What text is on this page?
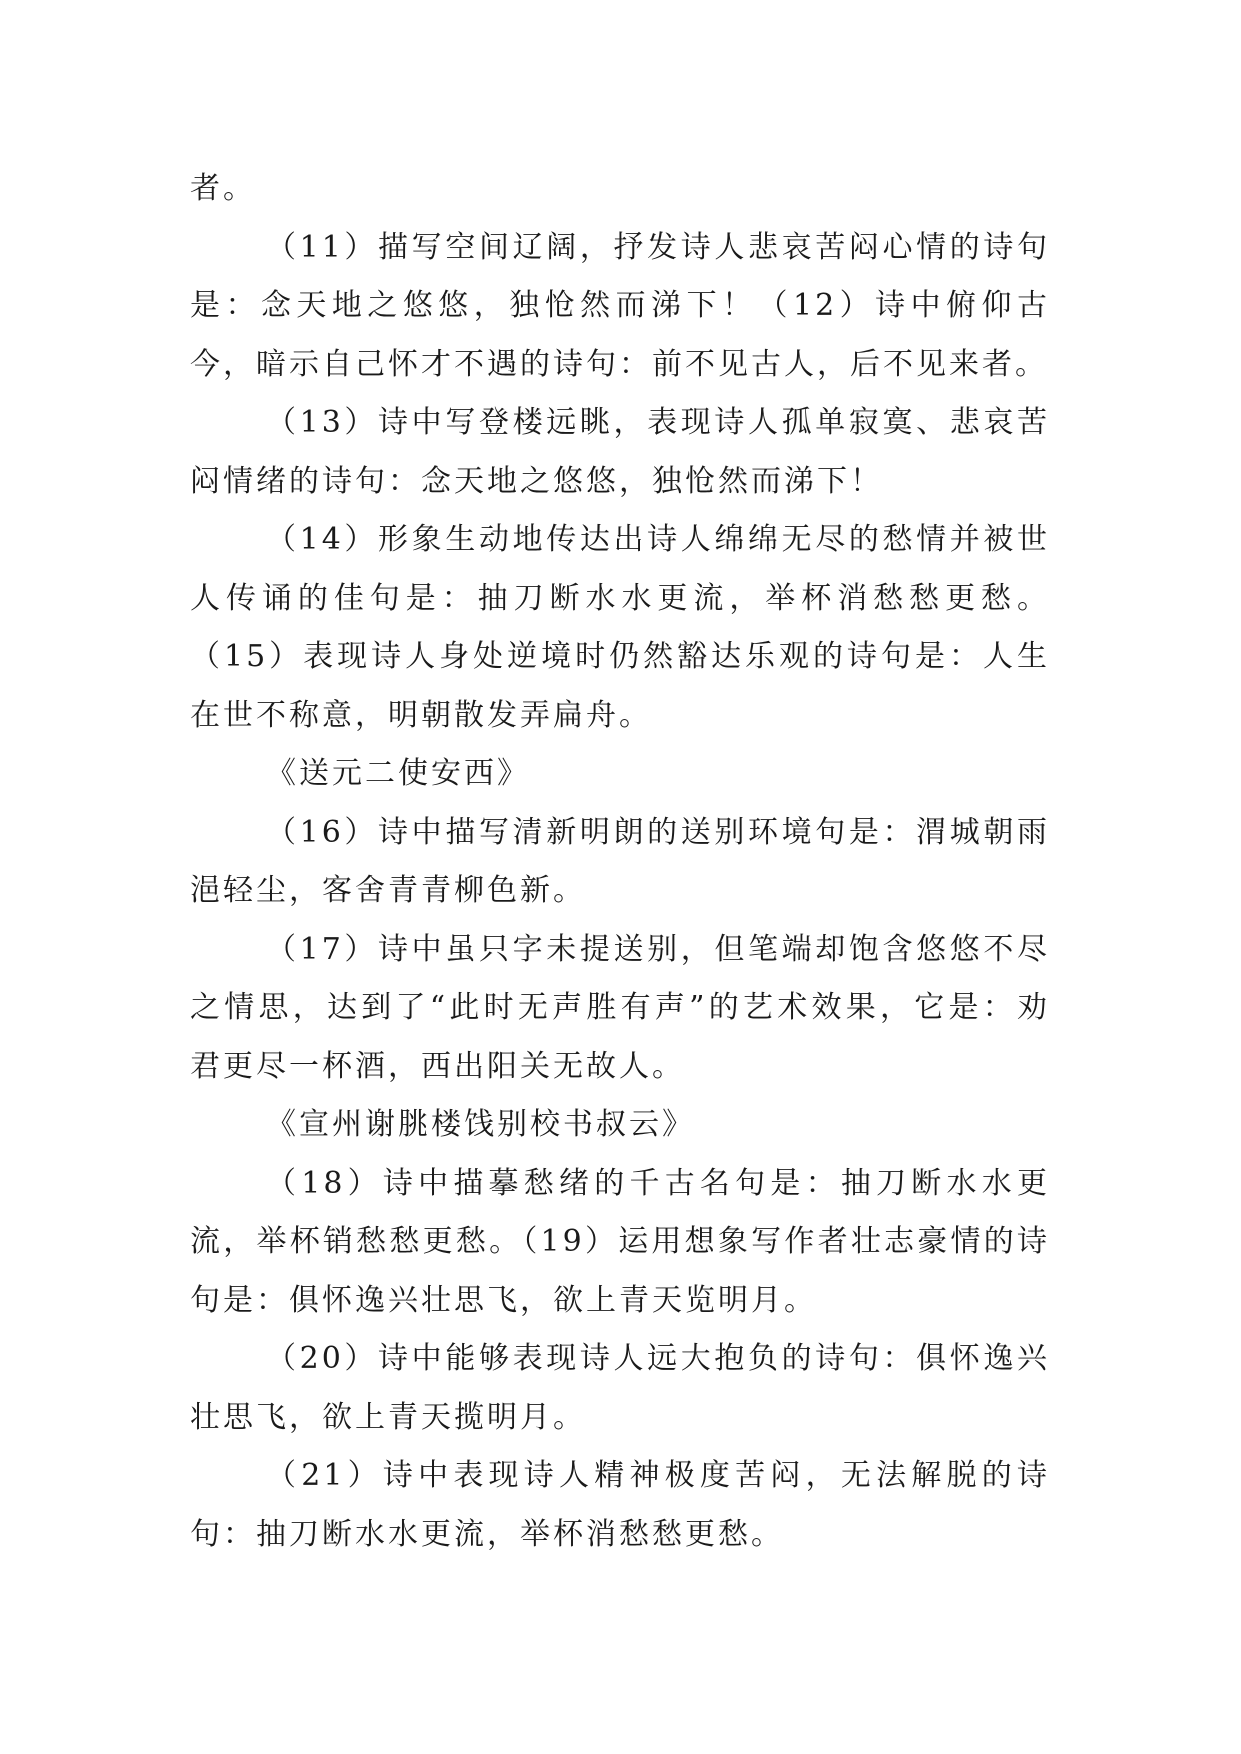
者。

（11）描写空间辽阔，抒发诗人悲哀苦闷心情的诗句是：念天地之悠悠，独怆然而涕下！（12）诗中俯仰古今，暗示自己怀才不遇的诗句：前不见古人，后不见来者。

（13）诗中写登楼远眺，表现诗人孤单寂寞、悲哀苦闷情绪的诗句：念天地之悠悠，独怆然而涕下！

（14）形象生动地传达出诗人绵绵无尽的愁情并被世人传诵的佳句是：抽刀断水水更流，举杯消愁愁更愁。（15）表现诗人身处逆境时仍然豁达乐观的诗句是：人生在世不称意，明朝散发弄扁舟。

《送元二使安西》

（16）诗中描写清新明朗的送别环境句是：渭城朝雨浥轻尘，客舍青青柳色新。

（17）诗中虽只字未提送别，但笔端却饱含悠悠不尽之情思，达到了“此时无声胜有声”的艺术效果，它是：劝君更尽一杯酒，西出阳关无故人。

《宣州谢朓楼饯别校书叔云》

（18）诗中描摹愁绪的千古名句是：抽刀断水水更流，举杯销愁愁更愁。（19）运用想象写作者壮志豪情的诗句是：俱怀逸兴壮思飞，欲上青天览明月。

（20）诗中能够表现诗人远大抱负的诗句：俱怀逸兴壮思飞，欲上青天揽明月。

（21）诗中表现诗人精神极度苦闷，无法解脱的诗句：抽刀断水水更流，举杯消愁愁更愁。
